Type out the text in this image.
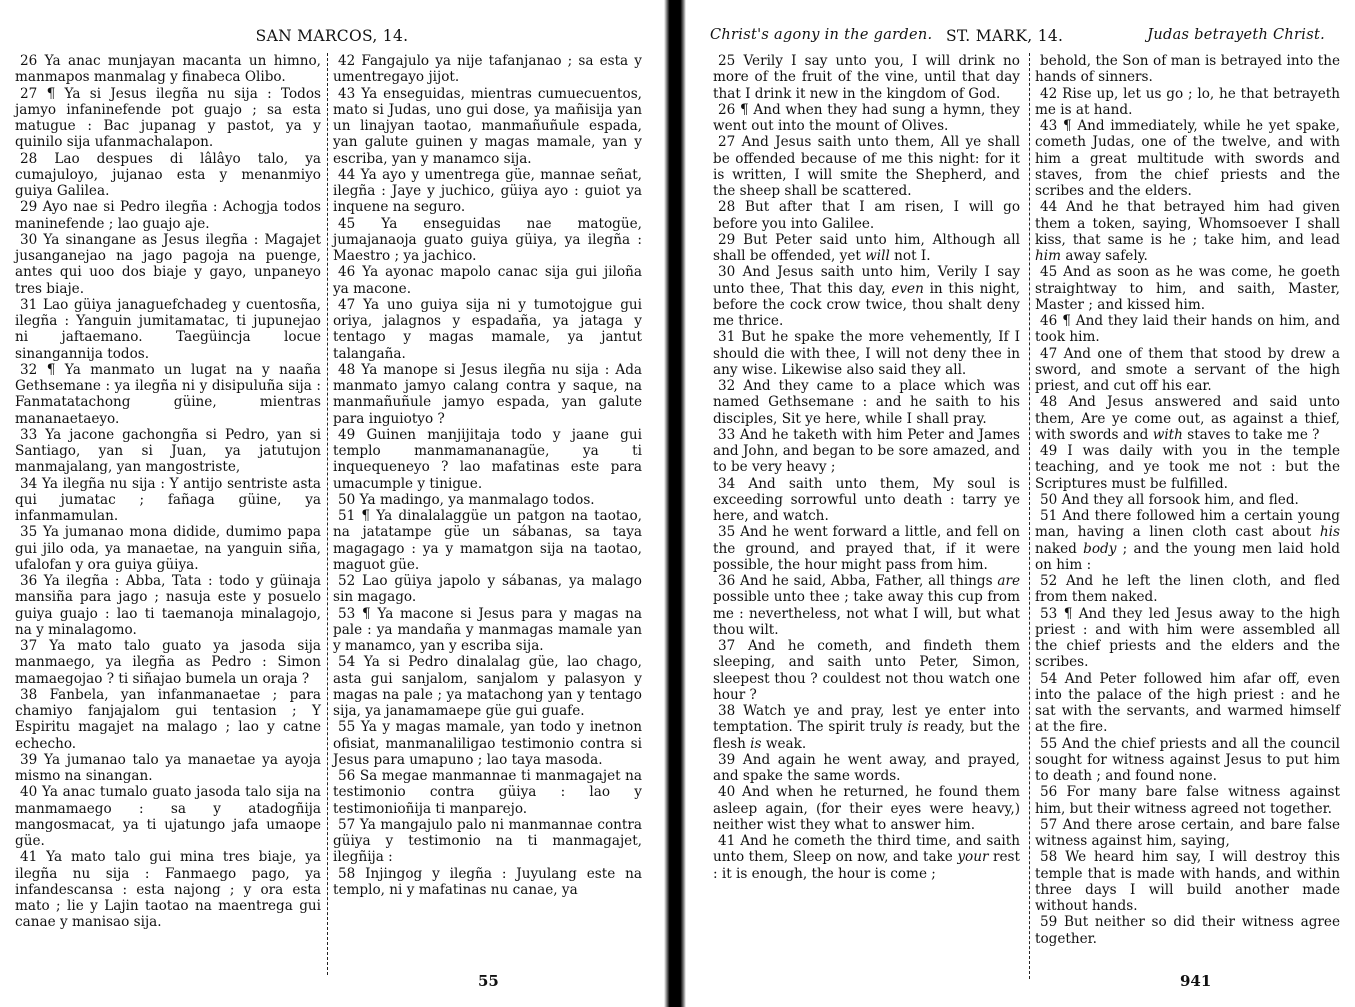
SAN MARCOS, 14.

26 Ya anac munjayan macanta un himno, manmapos manmalag y finabeca Olibo.

27 ¶ Ya si Jesus ilegña nu sija : Todos jamyo infaninefende pot guajo ; sa esta matugue : Bac jupanag y pastot, ya y quinilo sija ufanmachalapon.

28 Lao despues di lâlâyo talo, ya cumajuloyo, jujanao esta y menanmiyo guiya Galilea.

29 Ayo nae si Pedro ilegña : Achogja todos maninefende ; lao guajo aje.

30 Ya sinangane as Jesus ilegña : Magajet jusanganejao na jago pagoja na puenge, antes qui uoo dos biaje y gayo, unpaneyo tres biaje.

31 Lao güiya janaguefchadeg y cuentosña, ilegña : Yanguin jumitamatac, ti jupunejao ni jaftaemano. Taegüincja locue sinangannija todos.

32 ¶ Ya manmato un lugat na y naaña Gethsemane : ya ilegña ni y disipuluña sija : Fanmatatachong güine, mientras mananaetaeyo.

33 Ya jacone gachongña si Pedro, yan si Santiago, yan si Juan, ya jatutujon manmajalang, yan mangostriste,

34 Ya ilegña nu sija : Y antijo sentriste asta qui jumatac ; fañaga güine, ya infanmamulan.

35 Ya jumanao mona didide, dumimo papa gui jilo oda, ya manaetae, na yanguin siña, ufalofan y ora guiya güiya.

36 Ya ilegña : Abba, Tata : todo y güinaja mansiña para jago ; nasuja este y posuelo guiya guajo : lao ti taemanoja minalagojo, na y minalagomo.

37 Ya mato talo guato ya jasoda sija manmaego, ya ilegña as Pedro : Simon mamaegojao ? ti siñajao bumela un oraja ?

38 Fanbela, yan infanmanaetae ; para chamiyo fanjajalom gui tentasion ; Y Espiritu magajet na malago ; lao y catne echecho.

39 Ya jumanao talo ya manaetae ya ayoja mismo na sinangan.

40 Ya anac tumalo guato jasoda talo sija na manmamaego : sa y atadogñija mangosmacat, ya ti ujatungo jafa umaope güe.

41 Ya mato talo gui mina tres biaje, ya ilegña nu sija : Fanmaego pago, ya infandescansa : esta najong ; y ora esta mato ; lie y Lajin taotao na maentrega gui canae y manisao sija.

42 Fangajulo ya nije tafanjanao ; sa esta y umentregayo jijot.

43 Ya enseguidas, mientras cumuecuentos, mato si Judas, uno gui dose, ya mañisija yan un linajyan taotao, manmañuñule espada, yan galute guinen y magas mamale, yan y escriba, yan y manamco sija.

44 Ya ayo y umentrega güe, mannae señat, ilegña : Jaye y juchico, güiya ayo : guiot ya inquene na seguro.

45 Ya enseguidas nae matogüe, jumajanaoja guato guiya güiya, ya ilegña : Maestro ; ya jachico.

46 Ya ayonac mapolo canac sija gui jiloña ya macone.

47 Ya uno guiya sija ni y tumotojgue gui oriya, jalagnos y espadaña, ya jataga y tentago y magas mamale, ya jantut talangaña.

48 Ya manope si Jesus ilegña nu sija : Ada manmato jamyo calang contra y saque, na manmañuñule jamyo espada, yan galute para inguiotyo ?

49 Guinen manjijitaja todo y jaane gui templo manmamananagüe, ya ti inquequeneyo ? lao mafatinas este para umacumple y tinigue.

50 Ya madingo, ya manmalago todos.

51 ¶ Ya dinalalaggüe un patgon na taotao, na jatatampe güe un sábanas, sa taya magagago : ya y mamatgon sija na taotao, maguot güe.

52 Lao güiya japolo y sábanas, ya malago sin magago.

53 ¶ Ya macone si Jesus para y magas na pale : ya mandaña y manmagas mamale yan y manamco, yan y escriba sija.

54 Ya si Pedro dinalalag güe, lao chago, asta gui sanjalom, sanjalom y palasyon y magas na pale ; ya matachong yan y tentago sija, ya janamamaepe güe gui guafe.

55 Ya y magas mamale, yan todo y inetnon ofisiat, manmanaliligao testimonio contra si Jesus para umapuno ; lao taya masoda.

56 Sa megae manmannae ti manmagajet na testimonio contra güiya : lao y testimonioñija ti manparejo.

57 Ya mangajulo palo ni manmannae contra güiya y testimonio na ti manmagajet, ilegñija :

58 Injingog y ilegña : Juyulang este na templo, ni y mafatinas nu canae, ya

55
Christ's agony in the garden. ST. MARK, 14.	Judas betrayeth Christ.

25 Verily I say unto you, I will drink no more of the fruit of the vine, until that day that I drink it new in the kingdom of God.

26 ¶ And when they had sung a hymn, they went out into the mount of Olives.

27 And Jesus saith unto them, All ye shall be offended because of me this night: for it is written, I will smite the Shepherd, and the sheep shall be scattered.

28 But after that I am risen, I will go before you into Galilee.

29 But Peter said unto him, Although all shall be offended, yet will not I.

30 And Jesus saith unto him, Verily I say unto thee, That this day, even in this night, before the cock crow twice, thou shalt deny me thrice.

31 But he spake the more vehemently, If I should die with thee, I will not deny thee in any wise. Likewise also said they all.

32 And they came to a place which was named Gethsemane : and he saith to his disciples, Sit ye here, while I shall pray.

33 And he taketh with him Peter and James and John, and began to be sore amazed, and to be very heavy ;

34 And saith unto them, My soul is exceeding sorrowful unto death : tarry ye here, and watch.

35 And he went forward a little, and fell on the ground, and prayed that, if it were possible, the hour might pass from him.

36 And he said, Abba, Father, all things are possible unto thee ; take away this cup from me : nevertheless, not what I will, but what thou wilt.

37 And he cometh, and findeth them sleeping, and saith unto Peter, Simon, sleepest thou ? couldest not thou watch one hour ?

38 Watch ye and pray, lest ye enter into temptation. The spirit truly is ready, but the flesh is weak.

39 And again he went away, and prayed, and spake the same words.

40 And when he returned, he found them asleep again, (for their eyes were heavy,) neither wist they what to answer him.

41 And he cometh the third time, and saith unto them, Sleep on now, and take your rest : it is enough, the hour is come ;

behold, the Son of man is betrayed into the hands of sinners.

42 Rise up, let us go ; lo, he that betrayeth me is at hand.

43 ¶ And immediately, while he yet spake, cometh Judas, one of the twelve, and with him a great multitude with swords and staves, from the chief priests and the scribes and the elders.

44 And he that betrayed him had given them a token, saying, Whomsoever I shall kiss, that same is he ; take him, and lead him away safely.

45 And as soon as he was come, he goeth straightway to him, and saith, Master, Master ; and kissed him.

46 ¶ And they laid their hands on him, and took him.

47 And one of them that stood by drew a sword, and smote a servant of the high priest, and cut off his ear.

48 And Jesus answered and said unto them, Are ye come out, as against a thief, with swords and with staves to take me ?

49 I was daily with you in the temple teaching, and ye took me not : but the Scriptures must be fulfilled.

50 And they all forsook him, and fled.

51 And there followed him a certain young man, having a linen cloth cast about his naked body ; and the young men laid hold on him :

52 And he left the linen cloth, and fled from them naked.

53 ¶ And they led Jesus away to the high priest : and with him were assembled all the chief priests and the elders and the scribes.

54 And Peter followed him afar off, even into the palace of the high priest : and he sat with the servants, and warmed himself at the fire.

55 And the chief priests and all the council sought for witness against Jesus to put him to death ; and found none.

56 For many bare false witness against him, but their witness agreed not together.

57 And there arose certain, and bare false witness against him, saying,

58 We heard him say, I will destroy this temple that is made with hands, and within three days I will build another made without hands.

59 But neither so did their witness agree together.

941
